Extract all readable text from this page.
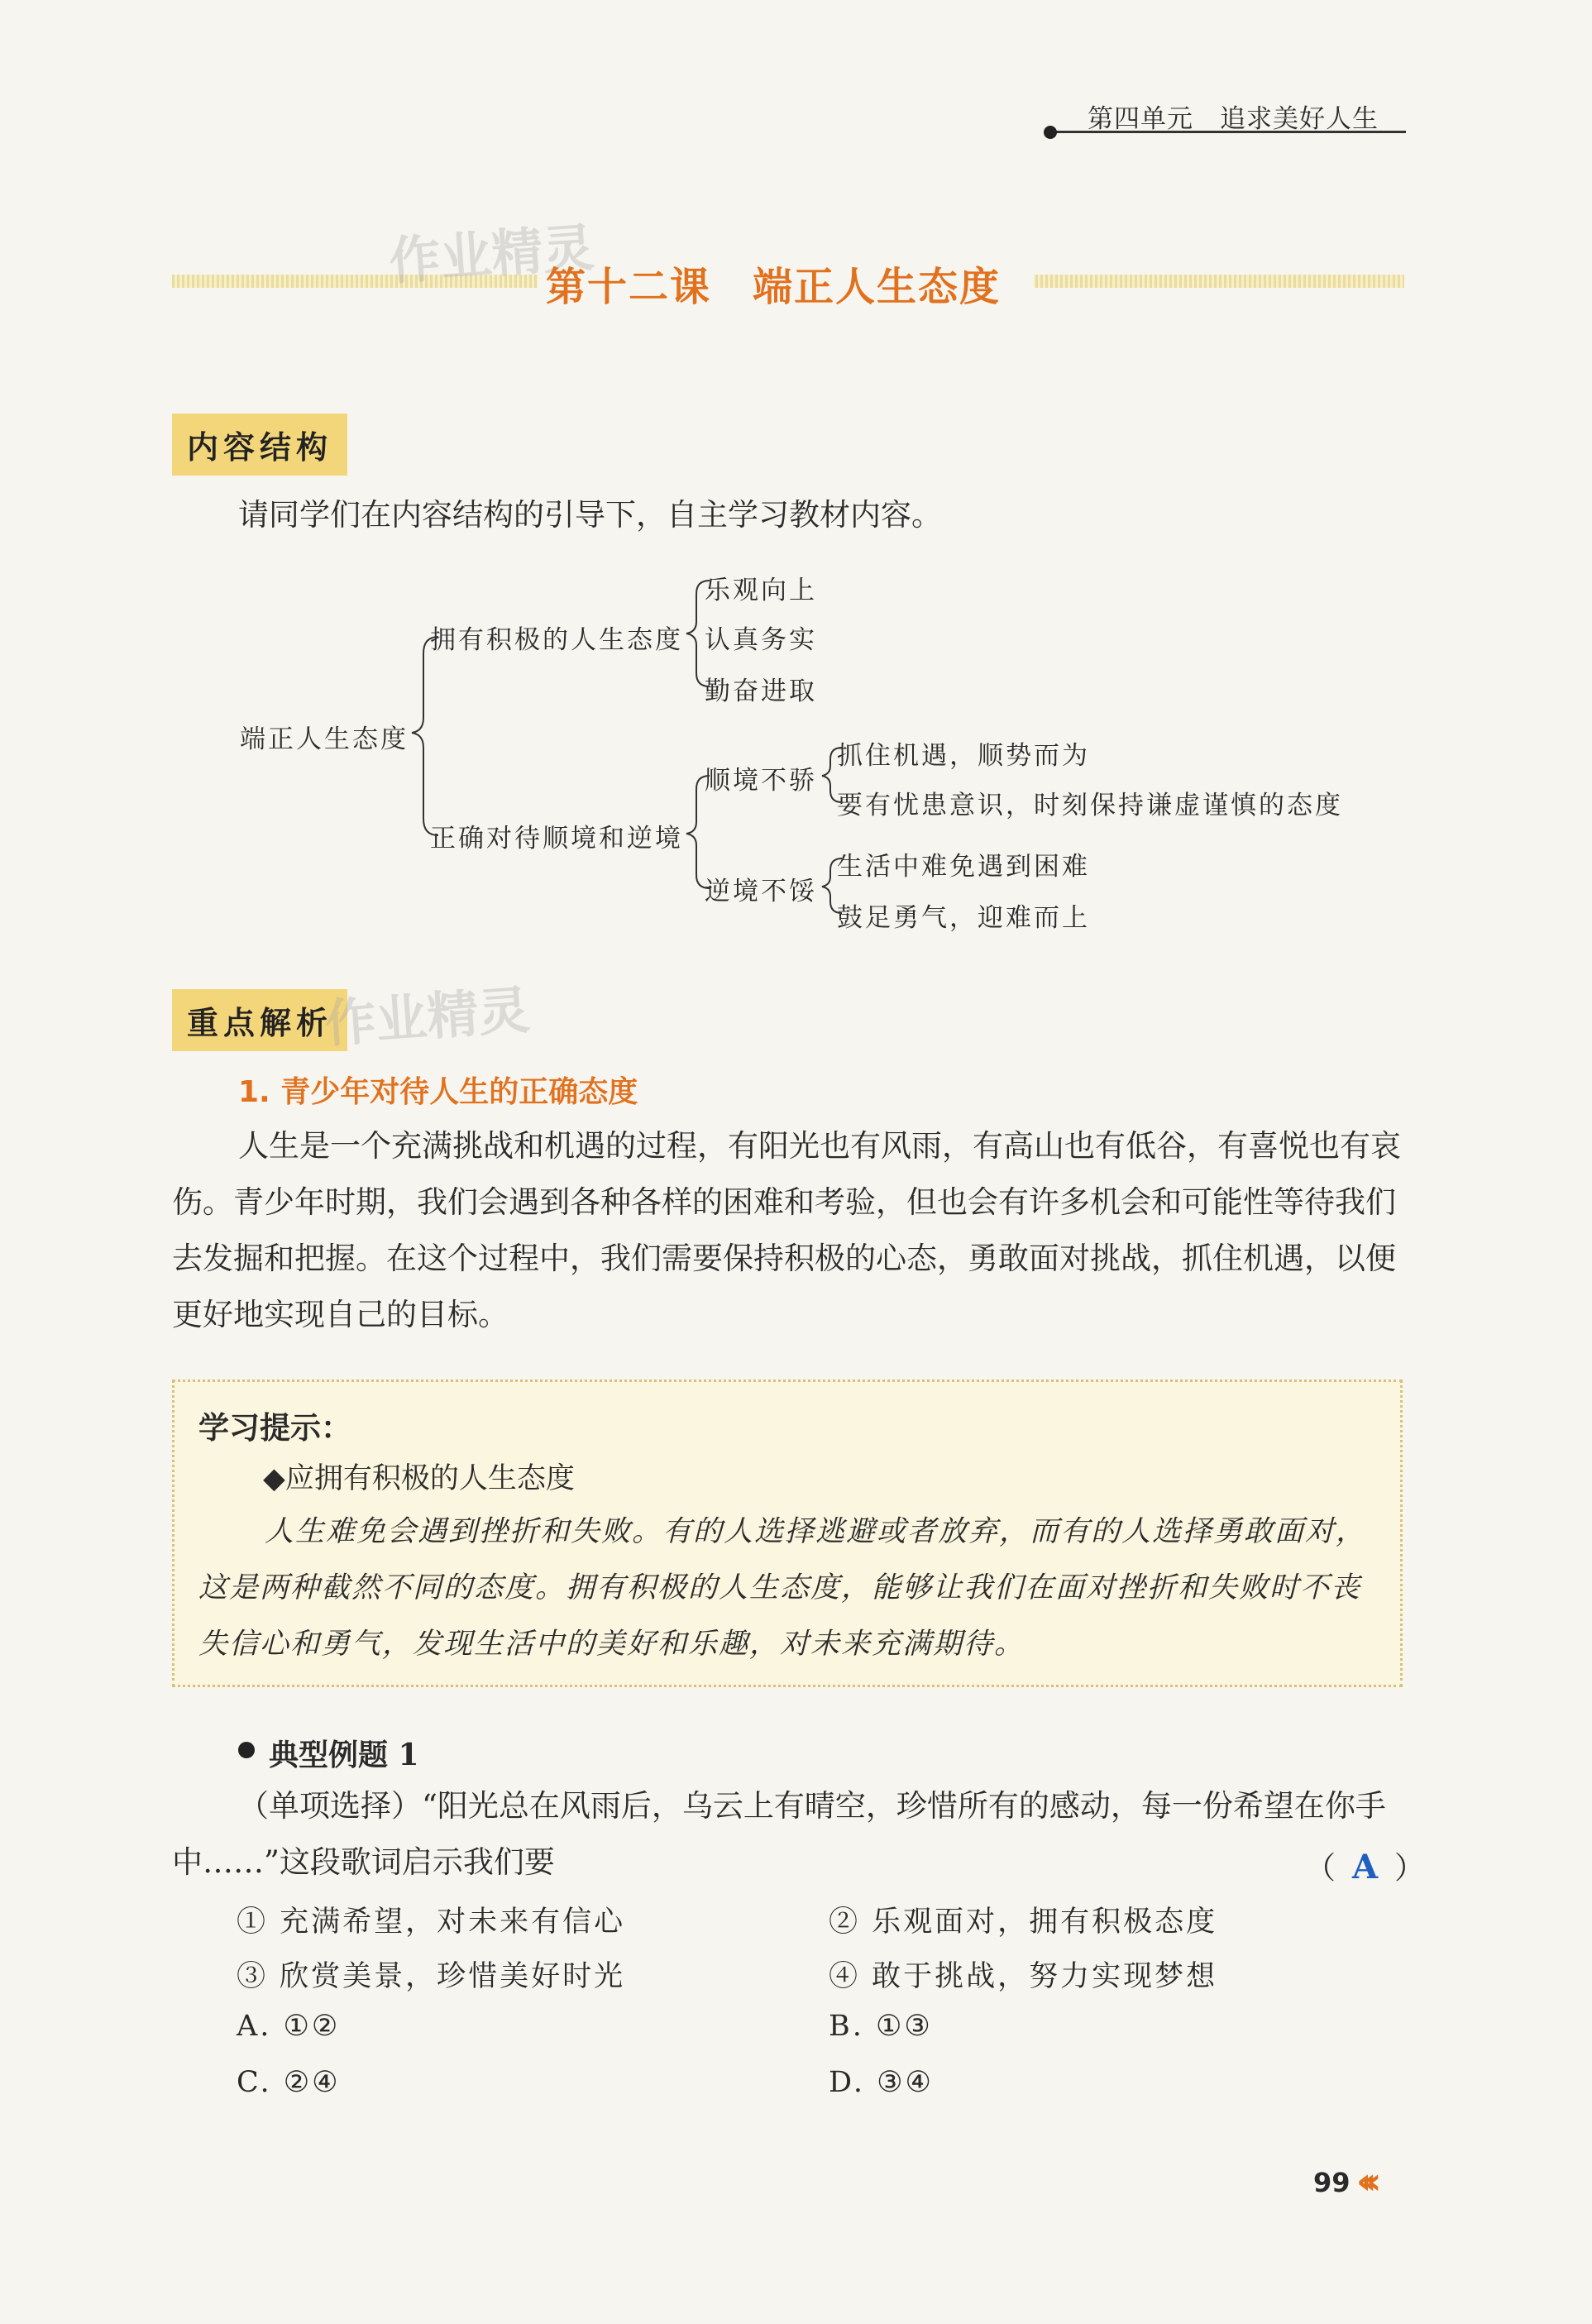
第四单元　追求美好人生
作业精灵
第十二课　端正人生态度
内容结构
请同学们在内容结构的引导下，自主学习教材内容。
端正人生态度
拥有积极的人生态度
乐观向上
认真务实
勤奋进取
正确对待顺境和逆境
顺境不骄
抓住机遇，顺势而为
要有忧患意识，时刻保持谦虚谨慎的态度
逆境不馁
生活中难免遇到困难
鼓足勇气，迎难而上
重点解析
作业精灵
1. 青少年对待人生的正确态度
人生是一个充满挑战和机遇的过程，有阳光也有风雨，有高山也有低谷，有喜悦也有哀伤。青少年时期，我们会遇到各种各样的困难和考验，但也会有许多机会和可能性等待我们去发掘和把握。在这个过程中，我们需要保持积极的心态，勇敢面对挑战，抓住机遇，以便更好地实现自己的目标。
学习提示：
◆应拥有积极的人生态度
人生难免会遇到挫折和失败。有的人选择逃避或者放弃，而有的人选择勇敢面对，这是两种截然不同的态度。拥有积极的人生态度，能够让我们在面对挫折和失败时不丧失信心和勇气，发现生活中的美好和乐趣，对未来充满期待。
典型例题 1
（单项选择）“阳光总在风雨后，乌云上有晴空，珍惜所有的感动，每一份希望在你手中……”这段歌词启示我们要	（ A ）
① 充满希望，对未来有信心	② 乐观面对，拥有积极态度
③ 欣赏美景，珍惜美好时光	④ 敢于挑战，努力实现梦想
A. ①②	B. ①③
C. ②④	D. ③④
99 ‹‹‹
